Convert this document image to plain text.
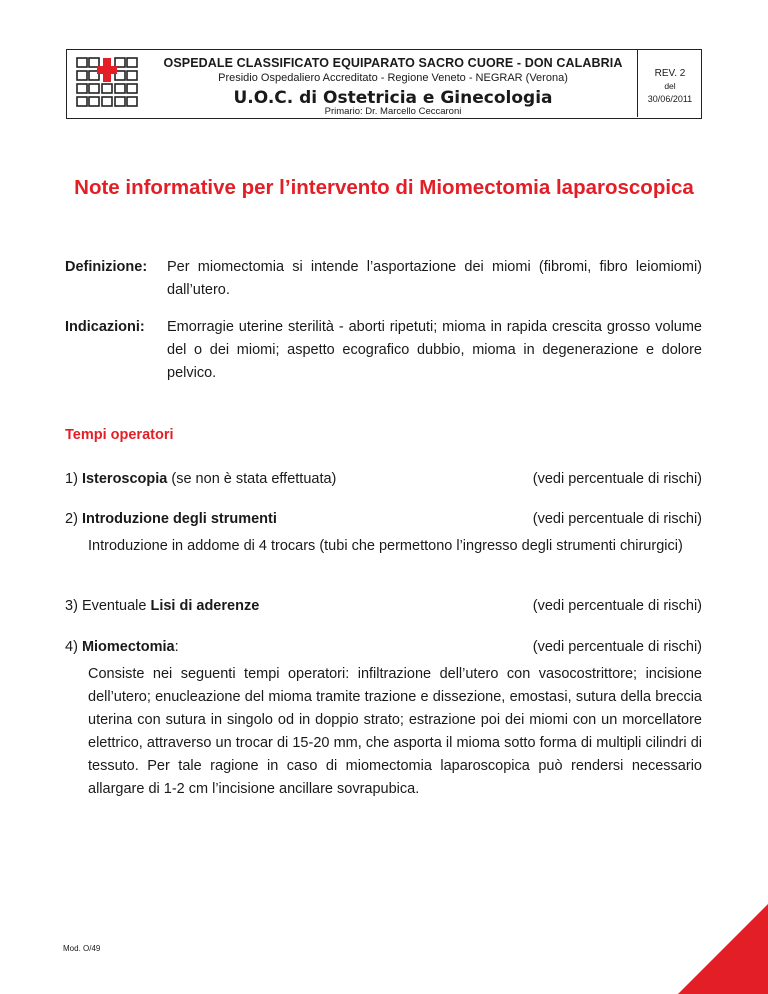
OSPEDALE CLASSIFICATO EQUIPARATO SACRO CUORE - DON CALABRIA
Presidio Ospedaliero Accreditato - Regione Veneto - NEGRAR (Verona)
U.O.C. di Ostetricia e Ginecologia
Primario: Dr. Marcello Ceccaroni
REV. 2
del
30/06/2011
Note informative per l’intervento di Miomectomia laparoscopica
Definizione: Per miomectomia si intende l’asportazione dei miomi (fibromi, fibro leiomiomi) dall’utero.
Indicazioni: Emorragie uterine sterilità - aborti ripetuti; mioma in rapida crescita grosso volume del o dei miomi; aspetto ecografico dubbio, mioma in degenerazione e dolore pelvico.
Tempi operatori
1) Isteroscopia (se non è stata effettuata)	(vedi percentuale di rischi)
2) Introduzione degli strumenti	(vedi percentuale di rischi)
Introduzione in addome di 4 trocars (tubi che permettono l’ingresso degli strumenti chirurgici)
3) Eventuale Lisi di aderenze	(vedi percentuale di rischi)
4) Miomectomia:	(vedi percentuale di rischi)
Consiste nei seguenti tempi operatori: infiltrazione dell’utero con vasocostrittore; incisione dell’utero; enucleazione del mioma tramite trazione e dissezione, emostasi, sutura della breccia uterina con sutura in singolo od in doppio strato; estrazione poi dei miomi con un morcellatore elettrico, attraverso un trocar di 15-20 mm, che asporta il mioma sotto forma di multipli cilindri di tessuto. Per tale ragione in caso di miomectomia laparoscopica può rendersi necessario allargare di 1-2 cm l’incisione ancillare sovrapubica.
Mod. O/49
